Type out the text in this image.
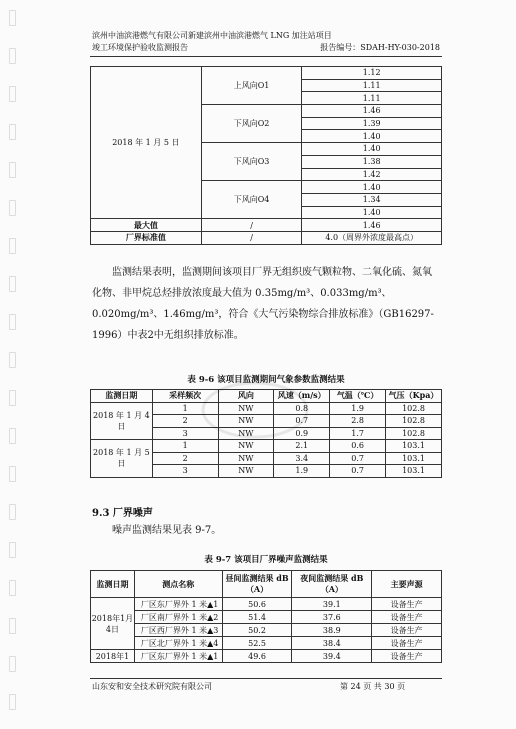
滨州中油滨港燃气有限公司新建滨州中油滨港燃气 LNG 加注站项目
竣工环境保护验收监测报告	报告编号：SDAH-HY-030-2018
2018 年 1 月 5 日	上风向O1	1.12
		1.11
		1.11
	下风向O2	1.46
		1.39
		1.40
	下风向O3	1.40
		1.38
		1.42
	下风向O4	1.40
		1.34
		1.40
最大值	/	1.46
厂界标准值	/	4.0（周界外浓度最高点）
监测结果表明，监测期间该项目厂界无组织废气颗粒物、二氧化硫、氮氧化物、非甲烷总烃排放浓度最大值为 0.35mg/m³、0.033mg/m³、0.020mg/m³、1.46mg/m³，符合《大气污染物综合排放标准》（GB16297-1996）中表2中无组织排放标准。
表 9-6 该项目监测期间气象参数监测结果
监测日期	采样频次	风向	风速（m/s）	气温（℃）	气压（Kpa）
2018 年 1 月 4 日	1	NW	0.8	1.9	102.8
	2	NW	0.7	2.8	102.8
	3	NW	0.9	1.7	102.8
2018 年 1 月 5 日	1	NW	2.1	0.6	103.1
	2	NW	3.4	0.7	103.1
	3	NW	1.9	0.7	103.1
9.3 厂界噪声
噪声监测结果见表 9-7。
表 9-7 该项目厂界噪声监测结果
监测日期	测点名称	昼间监测结果 dB（A）	夜间监测结果 dB（A）	主要声源
2018年1月4日	厂区东厂界外 1 米▲1	50.6	39.1	设备生产
	厂区南厂界外 1 米▲2	51.4	37.6	设备生产
	厂区西厂界外 1 米▲3	50.2	38.9	设备生产
	厂区北厂界外 1 米▲4	52.5	38.4	设备生产
2018年1	厂区东厂界外 1 米▲1	49.6	39.4	设备生产
山东安和安全技术研究院有限公司	第 24 页 共 30 页
